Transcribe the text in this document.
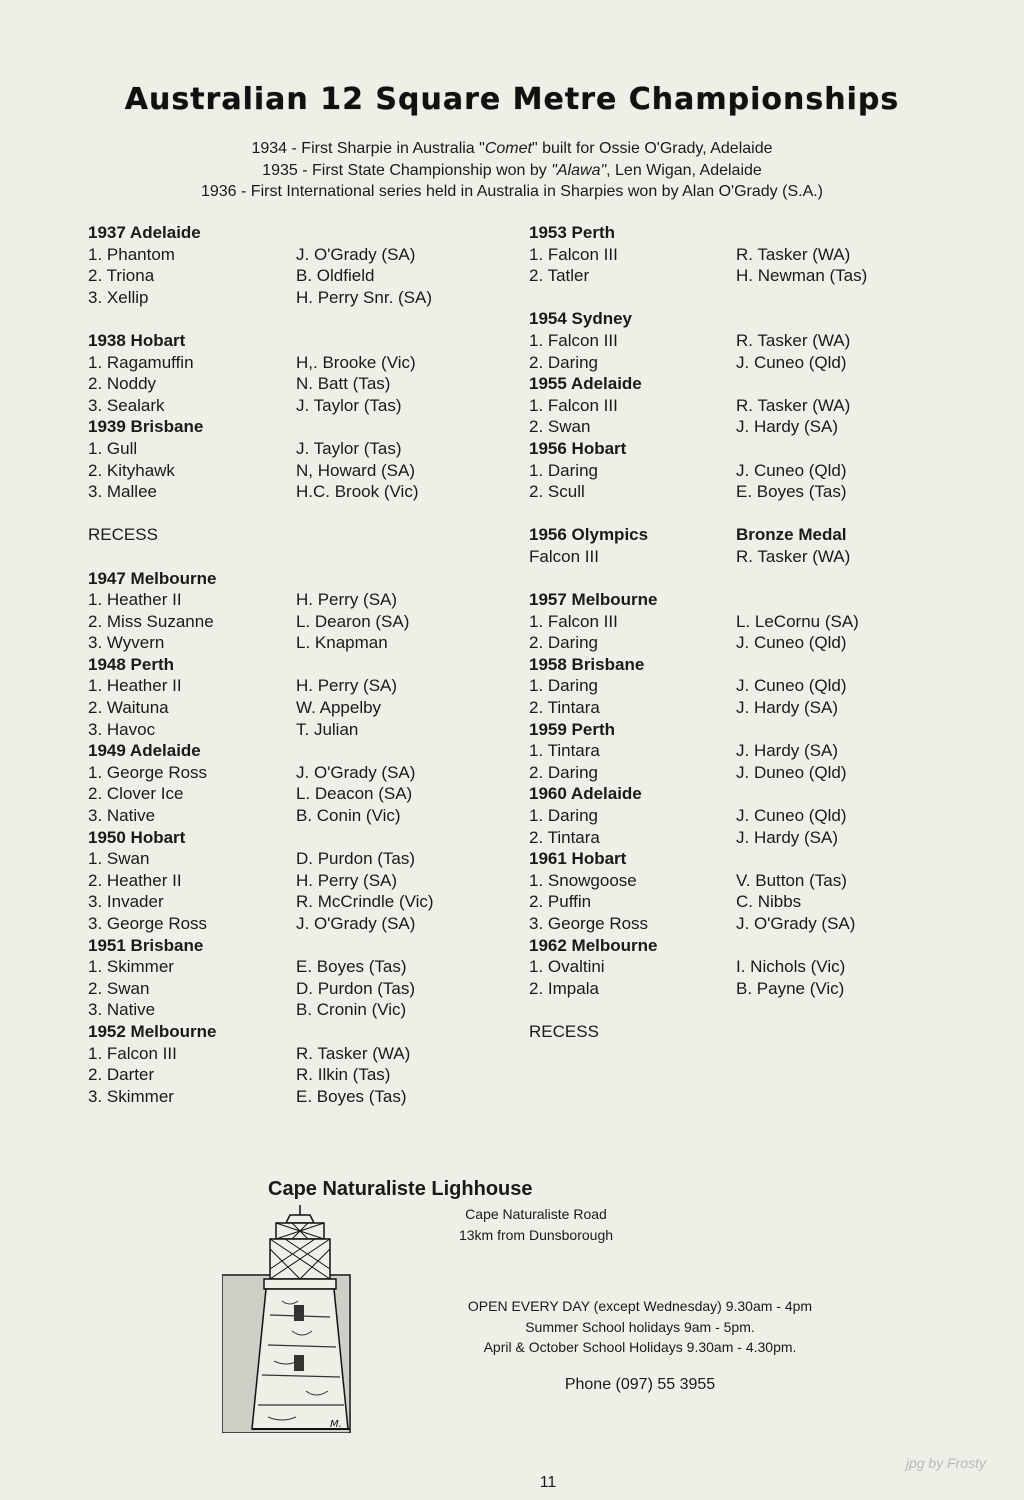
Australian 12 Square Metre Championships
1934 - First Sharpie in Australia "Comet" built for Ossie O'Grady, Adelaide
1935 - First State Championship won by "Alawa", Len Wigan, Adelaide
1936 - First International series held in Australia in Sharpies won by Alan O'Grady (S.A.)
1937 Adelaide
1. Phantom	J. O'Grady (SA)
2. Triona	B. Oldfield
3. Xellip	H. Perry Snr. (SA)
1938 Hobart
1. Ragamuffin	H,. Brooke (Vic)
2. Noddy	N. Batt (Tas)
3. Sealark	J. Taylor (Tas)
1939 Brisbane
1. Gull	J. Taylor (Tas)
2. Kityhawk	N, Howard (SA)
3. Mallee	H.C. Brook (Vic)
RECESS
1947 Melbourne
1. Heather II	H. Perry (SA)
2. Miss Suzanne	L. Dearon (SA)
3. Wyvern	L. Knapman
1948 Perth
1. Heather II	H. Perry (SA)
2. Waituna	W. Appelby
3. Havoc	T. Julian
1949 Adelaide
1. George Ross	J. O'Grady (SA)
2. Clover Ice	L. Deacon (SA)
3. Native	B. Conin (Vic)
1950 Hobart
1. Swan	D. Purdon (Tas)
2. Heather II	H. Perry (SA)
3. Invader	R. McCrindle (Vic)
3. George Ross	J. O'Grady (SA)
1951 Brisbane
1. Skimmer	E. Boyes (Tas)
2. Swan	D. Purdon (Tas)
3. Native	B. Cronin (Vic)
1952 Melbourne
1. Falcon III	R. Tasker (WA)
2. Darter	R. Ilkin (Tas)
3. Skimmer	E. Boyes (Tas)
1953 Perth
1. Falcon III	R. Tasker (WA)
2. Tatler	H. Newman (Tas)
1954 Sydney
1. Falcon III	R. Tasker (WA)
2. Daring	J. Cuneo (Qld)
1955 Adelaide
1. Falcon III	R. Tasker (WA)
2. Swan	J. Hardy (SA)
1956 Hobart
1. Daring	J. Cuneo (Qld)
2. Scull	E. Boyes (Tas)
1956 Olympics	Bronze Medal
Falcon III	R. Tasker (WA)
1957 Melbourne
1. Falcon III	L. LeCornu (SA)
2. Daring	J. Cuneo (Qld)
1958 Brisbane
1. Daring	J. Cuneo (Qld)
2. Tintara	J. Hardy (SA)
1959 Perth
1. Tintara	J. Hardy (SA)
2. Daring	J. Duneo (Qld)
1960 Adelaide
1. Daring	J. Cuneo (Qld)
2. Tintara	J. Hardy (SA)
1961 Hobart
1. Snowgoose	V. Button (Tas)
2. Puffin	C. Nibbs
3. George Ross	J. O'Grady (SA)
1962 Melbourne
1. Ovaltini	I. Nichols (Vic)
2. Impala	B. Payne (Vic)
RECESS
Cape Naturaliste Lighhouse
Cape Naturaliste Road
13km from Dunsborough
M.
OPEN EVERY DAY (except Wednesday) 9.30am - 4pm
Summer School holidays 9am - 5pm.
April & October School Holidays 9.30am - 4.30pm.
Phone (097) 55 3955
11
jpg by Frosty
